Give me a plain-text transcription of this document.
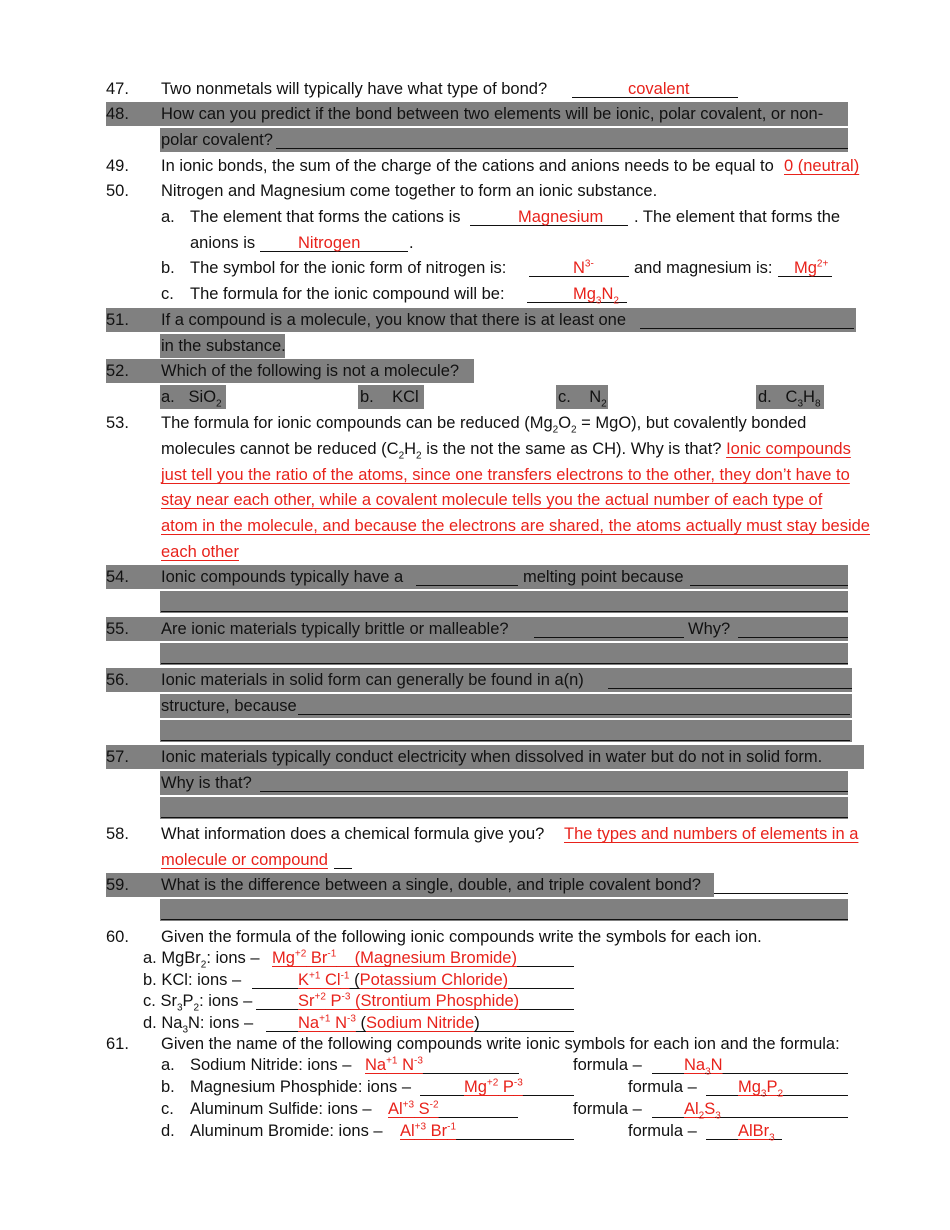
47. Two nonmetals will typically have what type of bond?	covalent
48. How can you predict if the bond between two elements will be ionic, polar covalent, or non-
polar covalent?
49. In ionic bonds, the sum of the charge of the cations and anions needs to be equal to 0 (neutral)
50. Nitrogen and Magnesium come together to form an ionic substance.
a. The element that forms the cations is	Magnesium . The element that forms the
anions is	Nitrogen	.
b. The symbol for the ionic form of nitrogen is:	$N^{3-}$ and magnesium is: $Mg^{2+}$
c. The formula for the ionic compound will be:	$Mg_3N_2$
51. If a compound is a molecule, you know that there is at least one
in the substance.
52. Which of the following is not a molecule?
a. SiO$_2$	b. KCl	c. $N_2$	d. $C_3H_8$
53. The formula for ionic compounds can be reduced $(Mg_2O_2 = MgO)$, but covalently bonded
molecules cannot be reduced ($C_2H_2$ is the not the same as CH). Why is that? Ionic compounds
just tell you the ratio of the atoms, since one transfers electrons to the other, they don’t have to
stay near each other, while a covalent molecule tells you the actual number of each type of
atom in the molecule, and because the electrons are shared, the atoms actually must stay beside
each other
54. Ionic compounds typically have a	melting point because
55. Are ionic materials typically brittle or malleable?	Why?
56. Ionic materials in solid form can generally be found in a(n)
structure, because
57. Ionic materials typically conduct electricity when dissolved in water but do not in solid form.
Why is that?
58. What information does a chemical formula give you? The types and numbers of elements in a
molecule or compound
59. What is the difference between a single, double, and triple covalent bond?
60. Given the formula of the following ionic compounds write the symbols for each ion.
a. MgBr$_2$: ions – $Mg^{+2}$ $Br^{-1}$ (Magnesium Bromide)
b. KCl: ions –	$K^{+1}$ $Cl^{-1}$ (Potassium Chloride)
c. $Sr_3P_2$: ions –	$Sr^{+2}$ $P^{-3}$ (Strontium Phosphide)
d. $Na_3N$: ions –	$Na^{+1}$ $N^{-3}$ (Sodium Nitride)
61. Given the name of the following compounds write ionic symbols for each ion and the formula:
a. Sodium Nitride: ions – $Na^{+1}$ $N^{-3}$	formula –	$Na_3N$
b. Magnesium Phosphide: ions –	$Mg^{+2}$ $P^{-3}$	formula – $Mg_3P_2$
c. Aluminum Sulfide: ions – $Al^{+3}$ $S^{-2}$	formula –	$Al_2S_3$
d. Aluminum Bromide: ions – $Al^{+3}$ $Br^{-1}$	formula – AlBr$_3$
